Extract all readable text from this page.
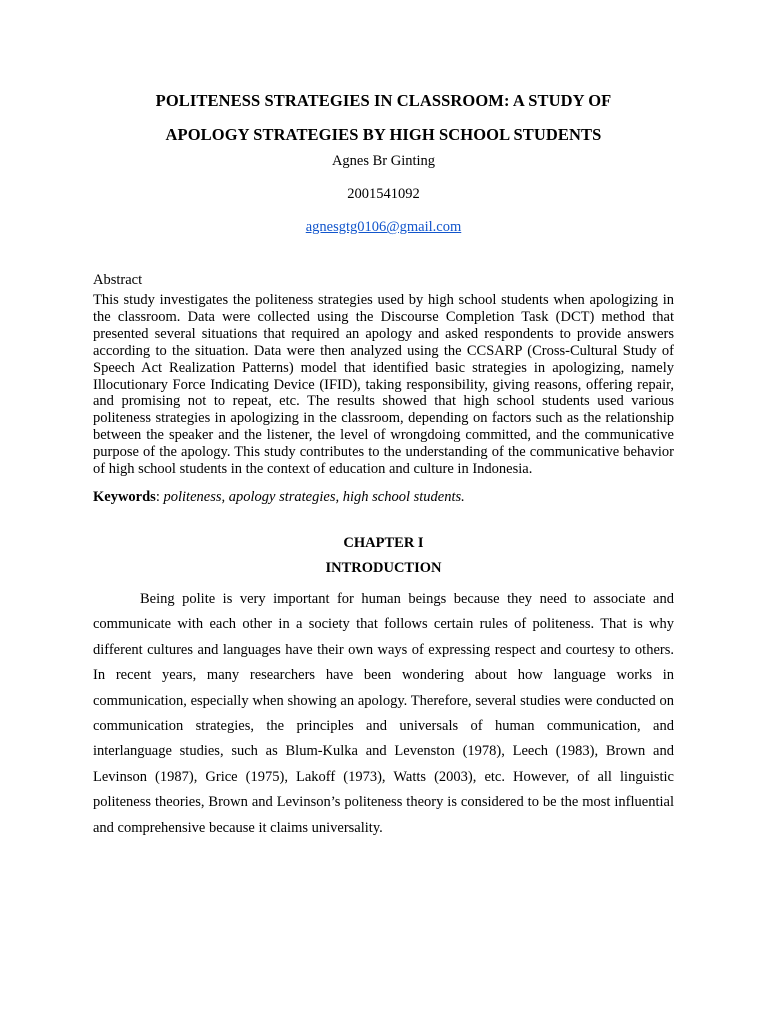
POLITENESS STRATEGIES IN CLASSROOM: A STUDY OF
APOLOGY STRATEGIES BY HIGH SCHOOL STUDENTS

Agnes Br Ginting

2001541092

agnesgtg0106@gmail.com

Abstract

This study investigates the politeness strategies used by high school students when apologizing in the classroom. Data were collected using the Discourse Completion Task (DCT) method that presented several situations that required an apology and asked respondents to provide answers according to the situation. Data were then analyzed using the CCSARP (Cross-Cultural Study of Speech Act Realization Patterns) model that identified basic strategies in apologizing, namely Illocutionary Force Indicating Device (IFID), taking responsibility, giving reasons, offering repair, and promising not to repeat, etc. The results showed that high school students used various politeness strategies in apologizing in the classroom, depending on factors such as the relationship between the speaker and the listener, the level of wrongdoing committed, and the communicative purpose of the apology. This study contributes to the understanding of the communicative behavior of high school students in the context of education and culture in Indonesia.

Keywords: politeness, apology strategies, high school students.

CHAPTER I
INTRODUCTION

Being polite is very important for human beings because they need to associate and communicate with each other in a society that follows certain rules of politeness. That is why different cultures and languages have their own ways of expressing respect and courtesy to others. In recent years, many researchers have been wondering about how language works in communication, especially when showing an apology. Therefore, several studies were conducted on communication strategies, the principles and universals of human communication, and interlanguage studies, such as Blum-Kulka and Levenston (1978), Leech (1983), Brown and Levinson (1987), Grice (1975), Lakoff (1973), Watts (2003), etc. However, of all linguistic politeness theories, Brown and Levinson’s politeness theory is considered to be the most influential and comprehensive because it claims universality.
